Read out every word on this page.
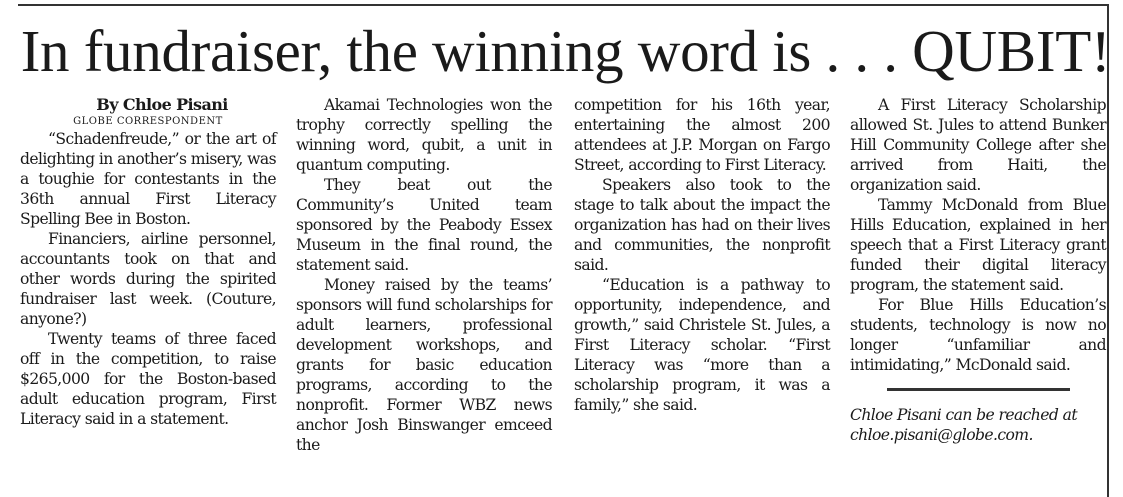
In fundraiser, the winning word is . . . QUBIT!

By Chloe Pisani

GLOBE CORRESPONDENT

“Schadenfreude,” or the art of delighting in another’s misery, was a toughie for contestants in the 36th annual First Literacy Spelling Bee in Boston.

Financiers, airline personnel, accountants took on that and other words during the spirited fundraiser last week. (Couture, anyone?)

Twenty teams of three faced off in the competition, to raise $265,000 for the Boston-based adult education program, First Literacy said in a statement.

Akamai Technologies won the trophy correctly spelling the winning word, qubit, a unit in quantum computing.

They beat out the Community’s United team sponsored by the Peabody Essex Museum in the final round, the statement said.

Money raised by the teams’ sponsors will fund scholarships for adult learners, professional development workshops, and grants for basic education programs, according to the nonprofit. Former WBZ news anchor Josh Binswanger emceed the

competition for his 16th year, entertaining the almost 200 attendees at J.P. Morgan on Fargo Street, according to First Literacy.

Speakers also took to the stage to talk about the impact the organization has had on their lives and communities, the nonprofit said.

“Education is a pathway to opportunity, independence, and growth,” said Christele St. Jules, a First Literacy scholar. “First Literacy was “more than a scholarship program, it was a family,” she said.

A First Literacy Scholarship allowed St. Jules to attend Bunker Hill Community College after she arrived from Haiti, the organization said.

Tammy McDonald from Blue Hills Education, explained in her speech that a First Literacy grant funded their digital literacy program, the statement said.

For Blue Hills Education’s students, technology is now no longer “unfamiliar and intimidating,” McDonald said.

Chloe Pisani can be reached at chloe.pisani@globe.com.
